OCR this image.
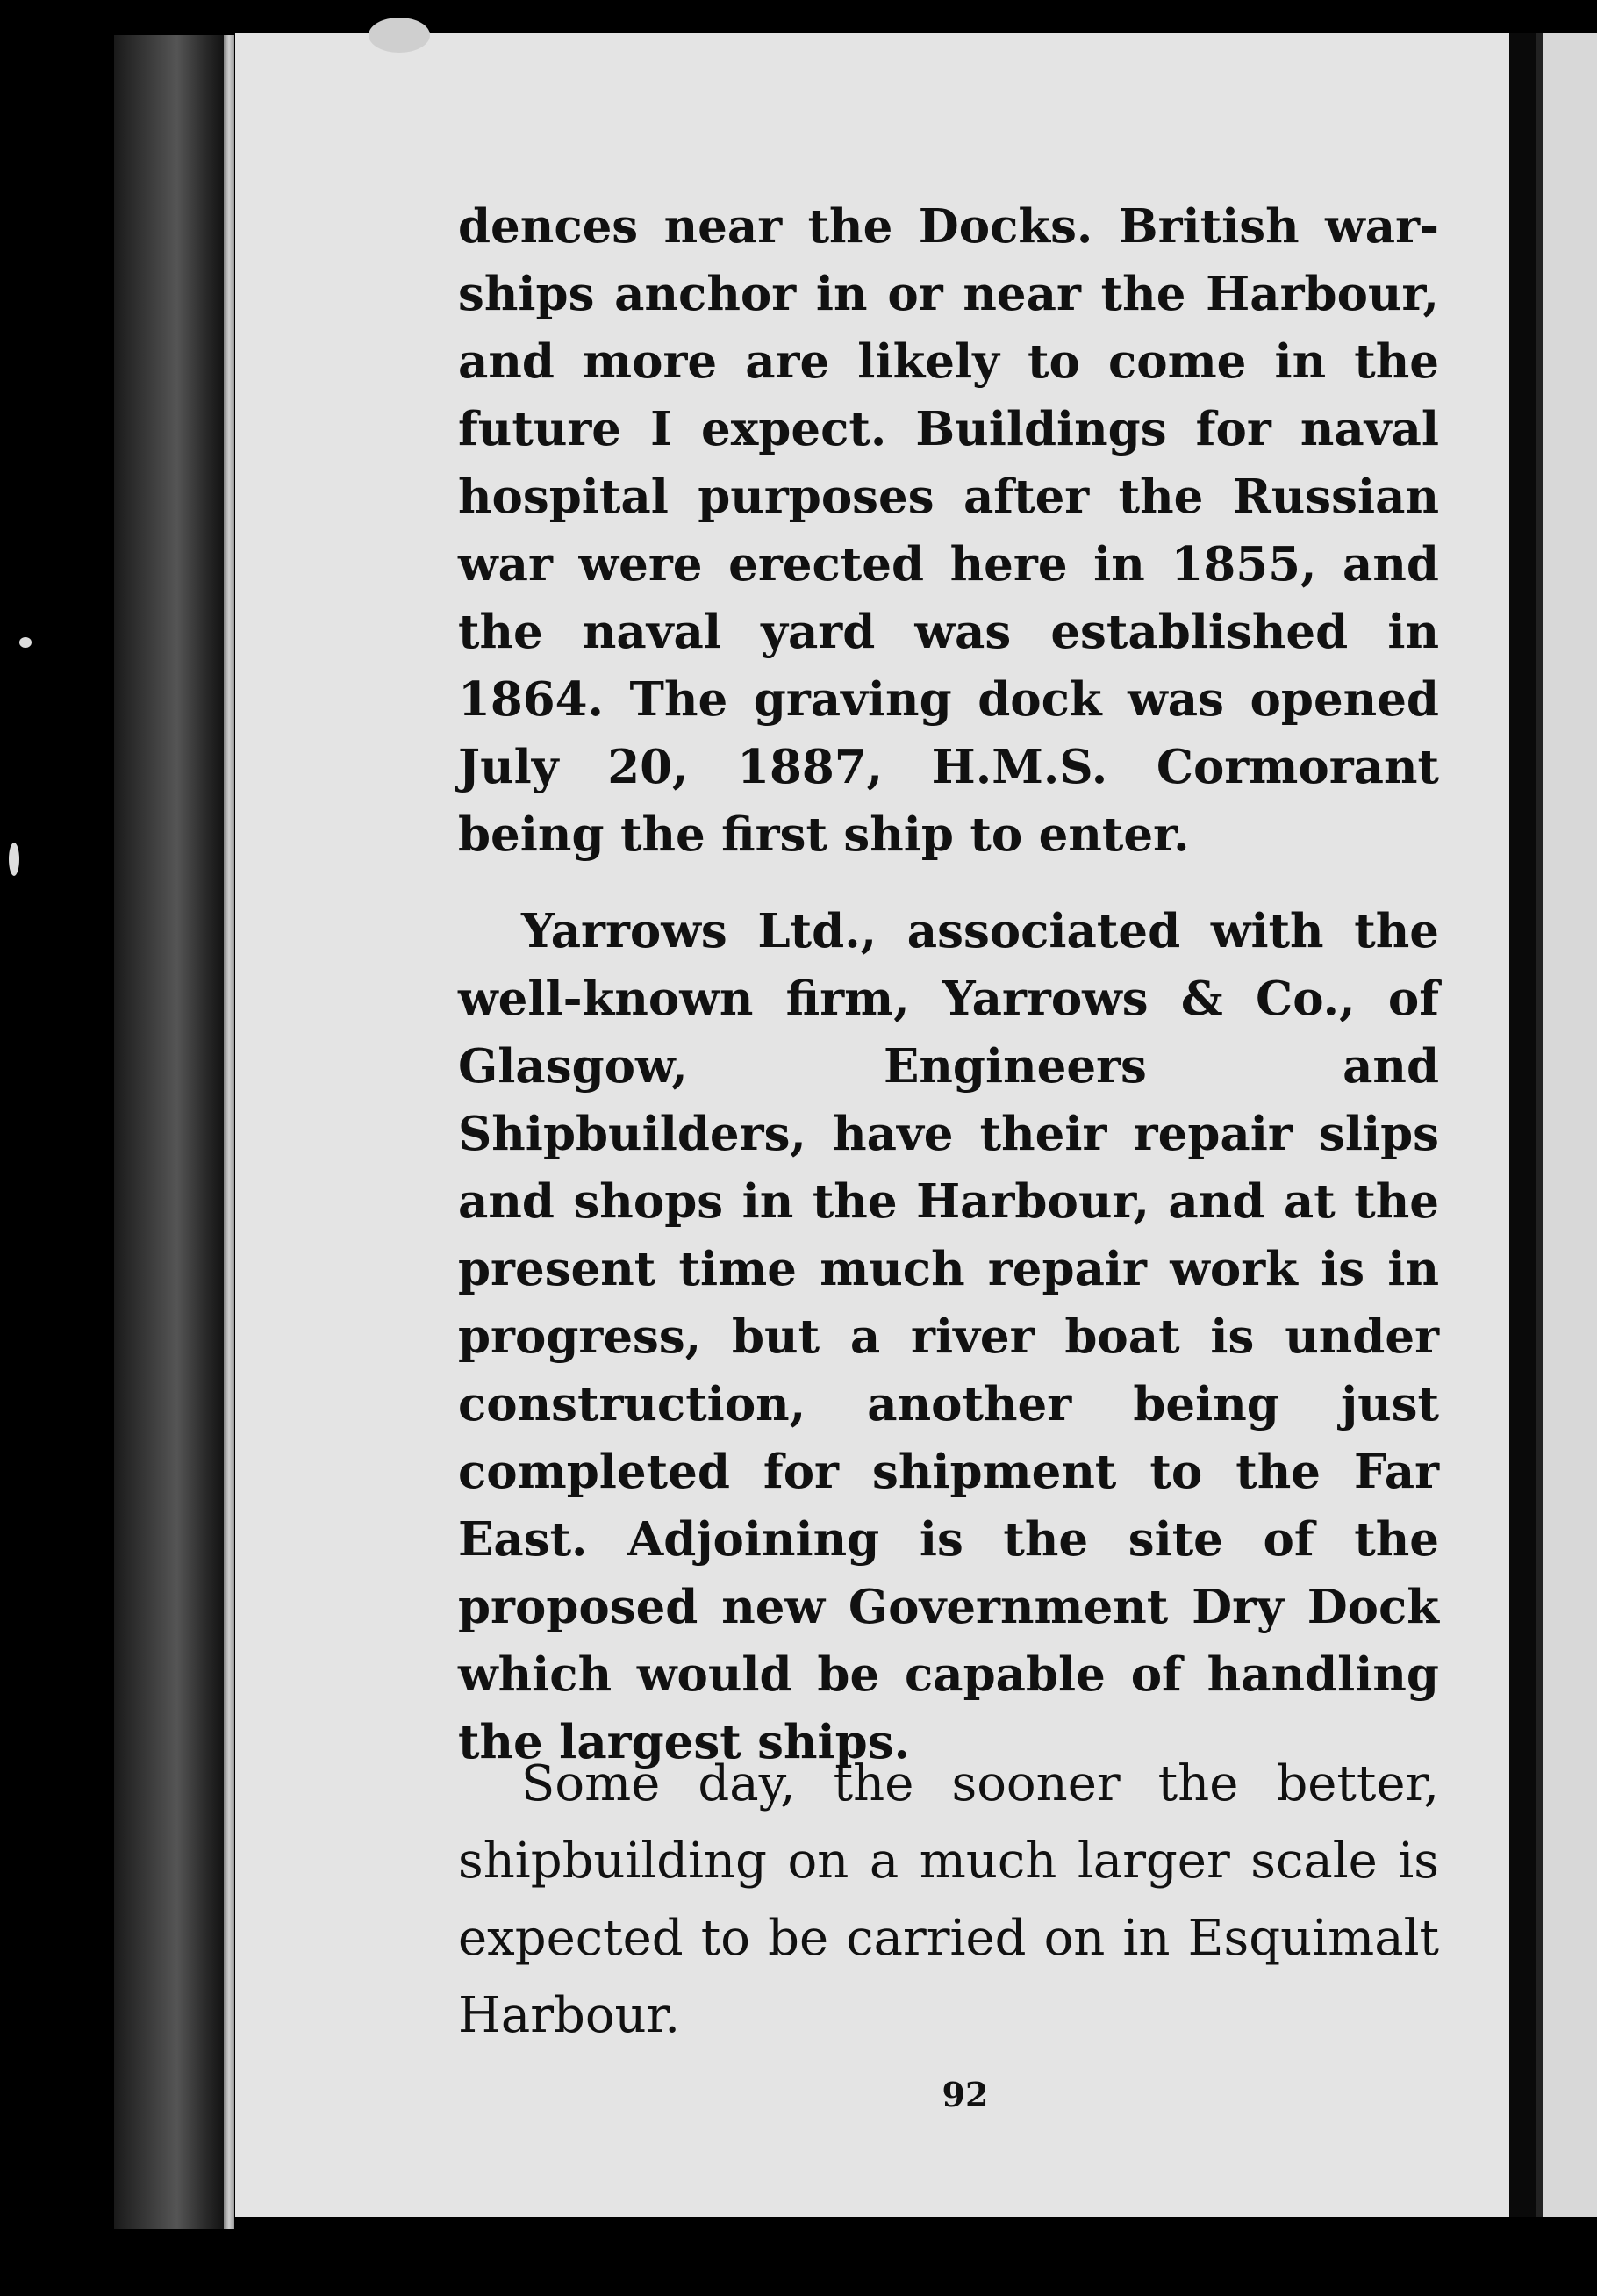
dences near the Docks. British warships anchor in or near the Harbour, and more are likely to come in the future I expect. Buildings for naval hospital purposes after the Russian war were erected here in 1855, and the naval yard was established in 1864. The graving dock was opened July 20, 1887, H.M.S. Cormorant being the first ship to enter.

Yarrows Ltd., associated with the well-known firm, Yarrows & Co., of Glasgow, Engineers and Shipbuilders, have their repair slips and shops in the Harbour, and at the present time much repair work is in progress, but a river boat is under construction, another being just completed for shipment to the Far East. Adjoining is the site of the proposed new Government Dry Dock which would be capable of handling the largest ships.

Some day, the sooner the better, shipbuilding on a much larger scale is expected to be carried on in Esquimalt Harbour.

92
